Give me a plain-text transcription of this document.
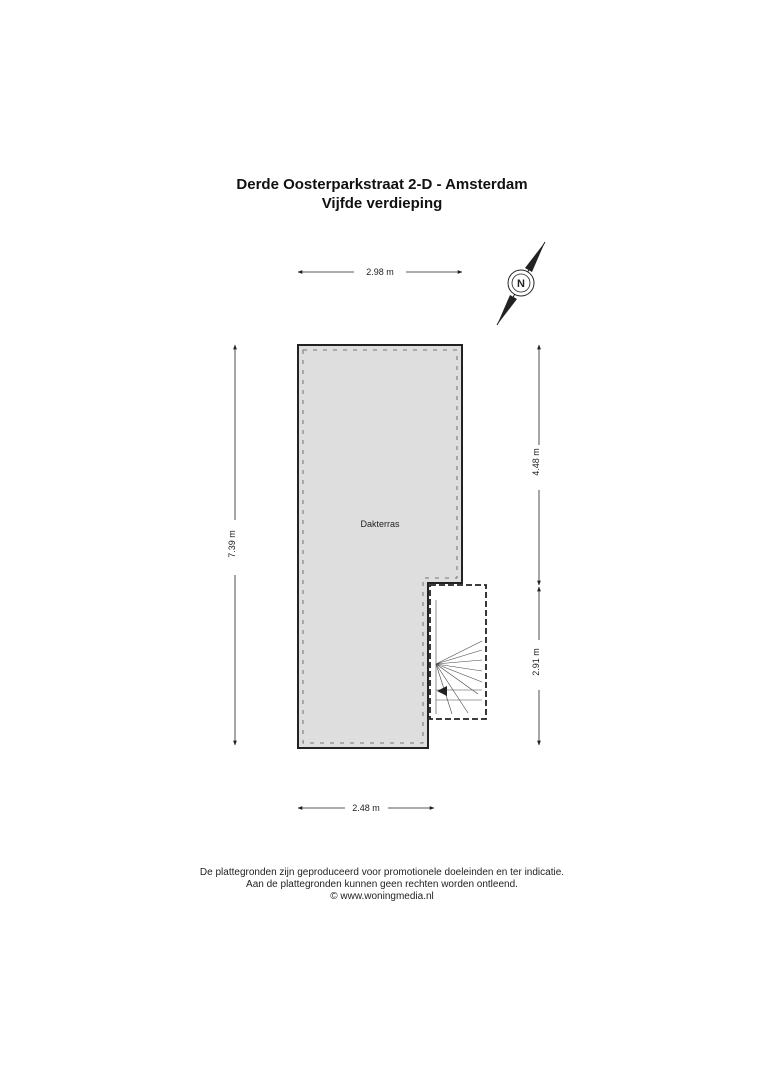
Derde Oosterparkstraat 2-D - Amsterdam
Vijfde verdieping
N
2.98 m
7.39 m
4.48 m
2.91 m
2.48 m
Dakterras
De plattegronden zijn geproduceerd voor promotionele doeleinden en ter indicatie.
Aan de plattegronden kunnen geen rechten worden ontleend.
© www.woningmedia.nl
